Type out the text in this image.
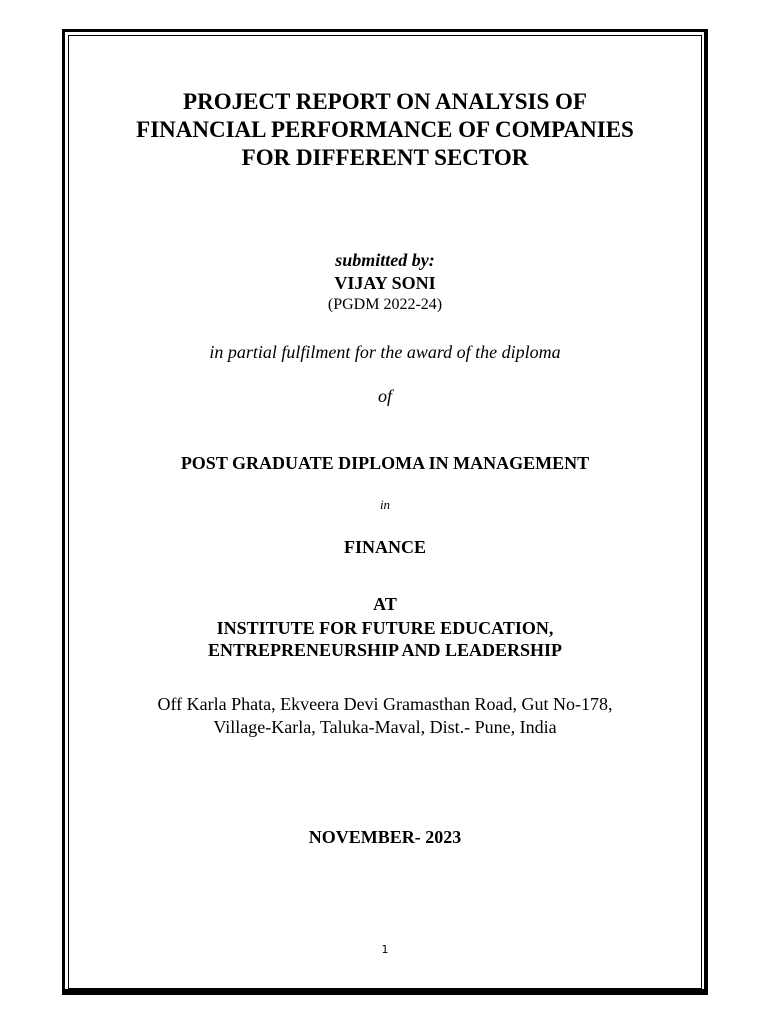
PROJECT REPORT ON ANALYSIS OF
FINANCIAL PERFORMANCE OF COMPANIES
FOR DIFFERENT SECTOR
submitted by:
VIJAY SONI
(PGDM 2022-24)
in partial fulfilment for the award of the diploma
of
POST GRADUATE DIPLOMA IN MANAGEMENT
in
FINANCE
AT
INSTITUTE FOR FUTURE EDUCATION,
ENTREPRENEURSHIP AND LEADERSHIP
Off Karla Phata, Ekveera Devi Gramasthan Road, Gut No-178,
Village-Karla, Taluka-Maval, Dist.- Pune, India
NOVEMBER- 2023
1
